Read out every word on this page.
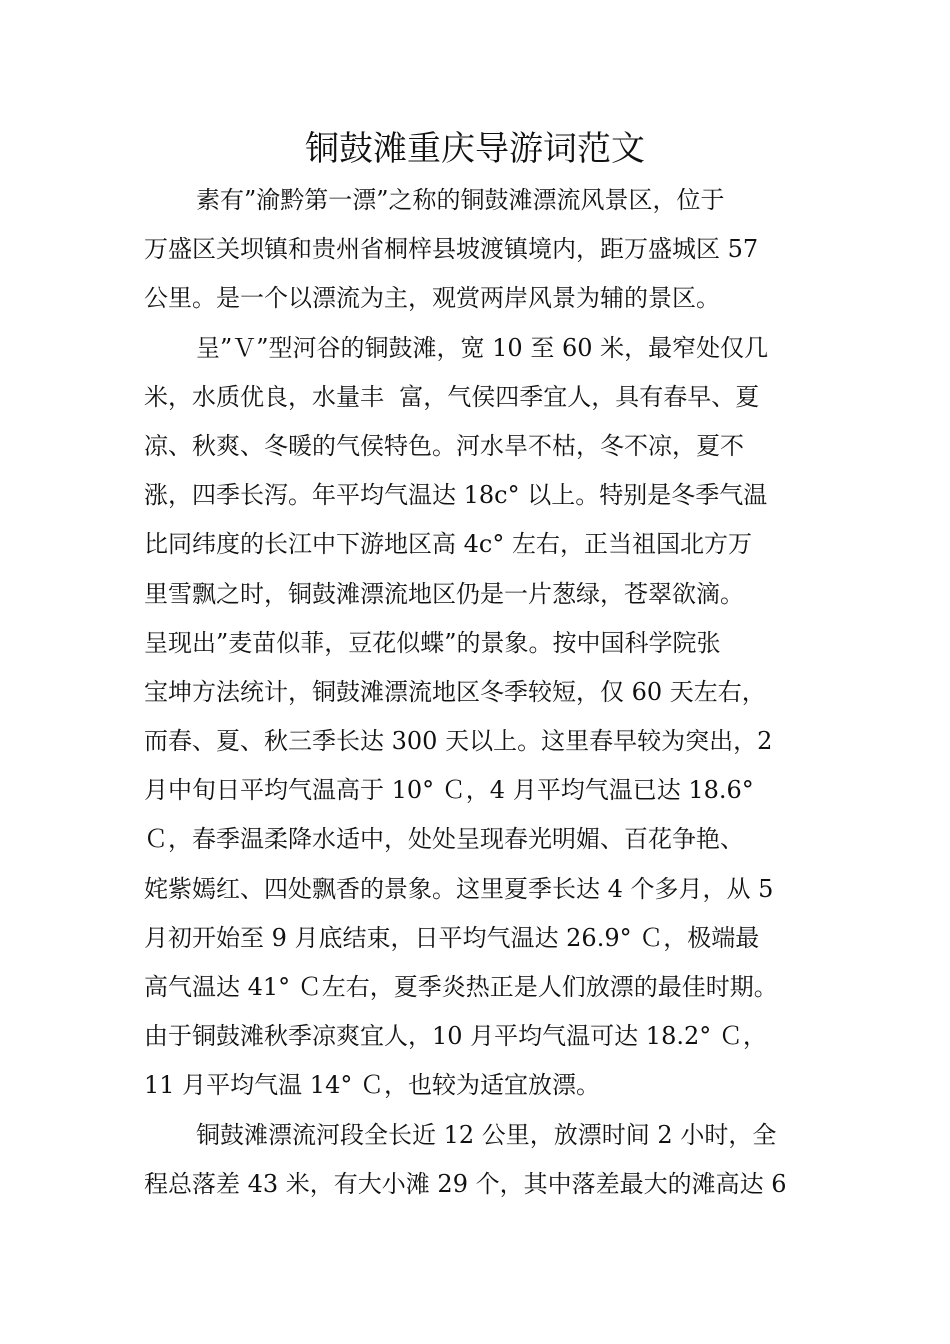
铜鼓滩重庆导游词范文
素有”渝黔第一漂”之称的铜鼓滩漂流风景区，位于
万盛区关坝镇和贵州省桐梓县坡渡镇境内，距万盛城区 57
公里。是一个以漂流为主，观赏两岸风景为辅的景区。
呈”Ｖ”型河谷的铜鼓滩，宽 10 至 60 米，最窄处仅几
米，水质优良，水量丰  富，气侯四季宜人，具有春早、夏
凉、秋爽、冬暖的气侯特色。河水旱不枯，冬不凉，夏不
涨，四季长泻。年平均气温达 18c° 以上。特别是冬季气温
比同纬度的长江中下游地区高 4c° 左右，正当祖国北方万
里雪飘之时，铜鼓滩漂流地区仍是一片葱绿，苍翠欲滴。
呈现出”麦苗似菲，豆花似蝶”的景象。按中国科学院张
宝坤方法统计，铜鼓滩漂流地区冬季较短，仅 60 天左右，
而春、夏、秋三季长达 300 天以上。这里春早较为突出，2
月中旬日平均气温高于 10° Ｃ，4 月平均气温已达 18.6°
Ｃ，春季温柔降水适中，处处呈现春光明媚、百花争艳、
姹紫嫣红、四处飘香的景象。这里夏季长达 4 个多月，从 5
月初开始至 9 月底结束，日平均气温达 26.9° Ｃ，极端最
高气温达 41° Ｃ左右，夏季炎热正是人们放漂的最佳时期。
由于铜鼓滩秋季凉爽宜人，10 月平均气温可达 18.2° Ｃ，
11 月平均气温 14° Ｃ，也较为适宜放漂。
铜鼓滩漂流河段全长近 12 公里，放漂时间 2 小时，全
程总落差 43 米，有大小滩 29 个，其中落差最大的滩高达 6
